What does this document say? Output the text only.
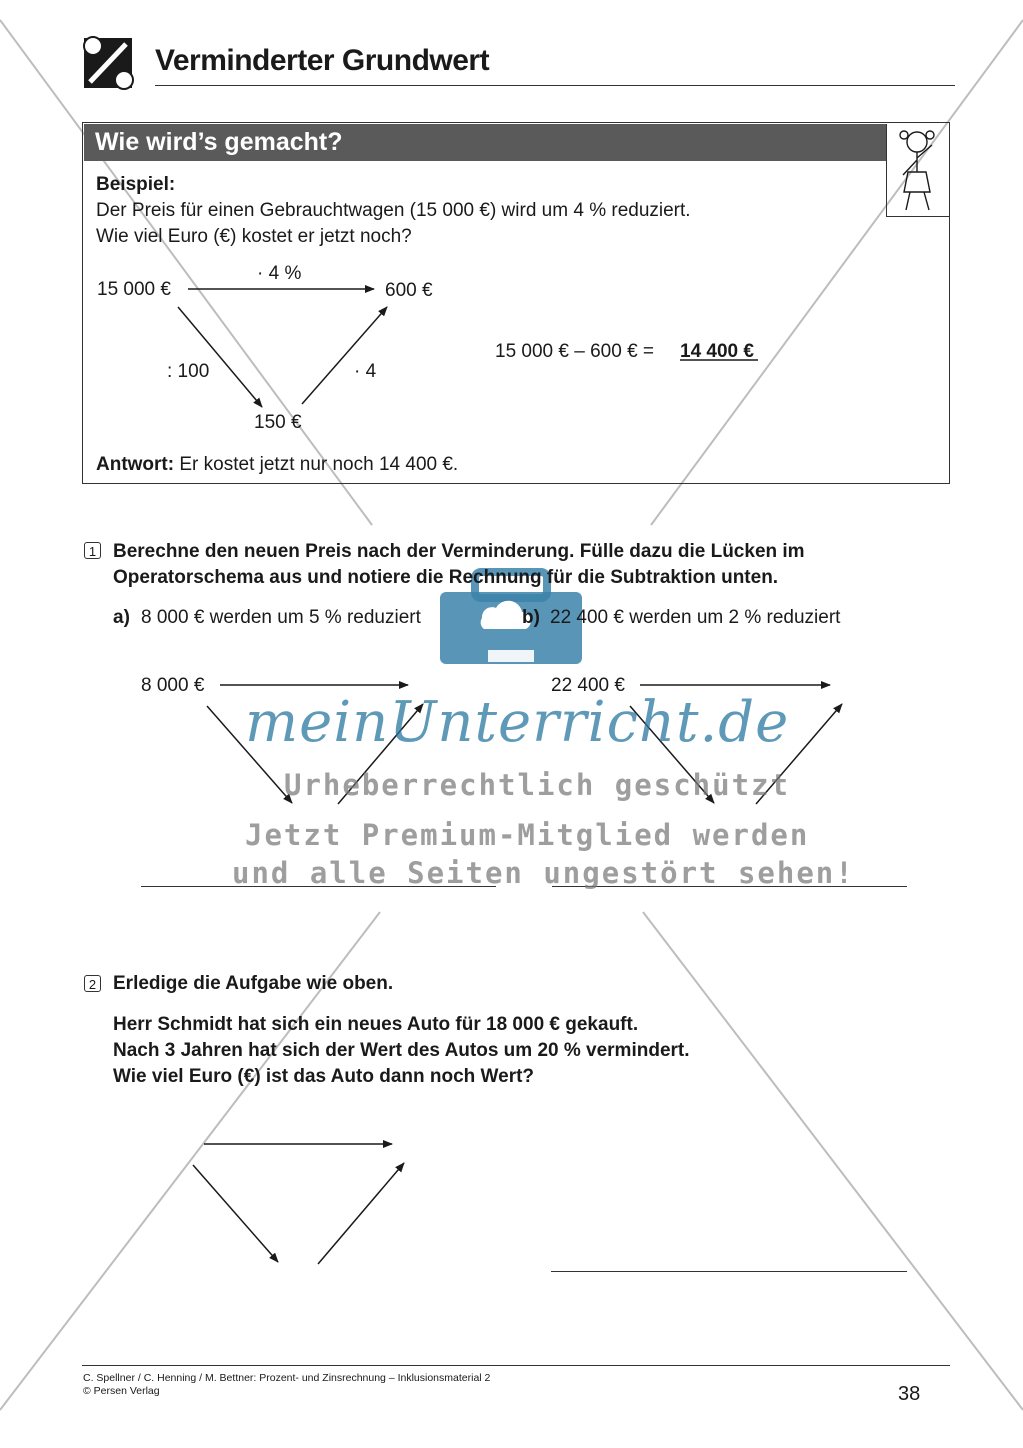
Verminderter Grundwert
Wie wird’s gemacht?
Beispiel:
Der Preis für einen Gebrauchtwagen (15 000 €) wird um 4 % reduziert.
Wie viel Euro (€) kostet er jetzt noch?
15 000 €
· 4 %
600 €
: 100
150 €
· 4
15 000 € – 600 € = 14 400 €
Antwort: Er kostet jetzt nur noch 14 400 €.
1 Berechne den neuen Preis nach der Verminderung. Fülle dazu die Lücken im
Operatorschema aus und notiere die Rechnung für die Subtraktion unten.
a) 8 000 € werden um 5 % reduziert	b) 22 400 € werden um 2 % reduziert
8 000 €	22 400 €
2 Erledige die Aufgabe wie oben.
Herr Schmidt hat sich ein neues Auto für 18 000 € gekauft.
Nach 3 Jahren hat sich der Wert des Autos um 20 % vermindert.
Wie viel Euro (€) ist das Auto dann noch Wert?
meinUnterricht.de
Urheberrechtlich geschützt
Jetzt Premium-Mitglied werden
und alle Seiten ungestört sehen!
C. Spellner / C. Henning / M. Bettner: Prozent- und Zinsrechnung – Inklusionsmaterial 2
© Persen Verlag	38
